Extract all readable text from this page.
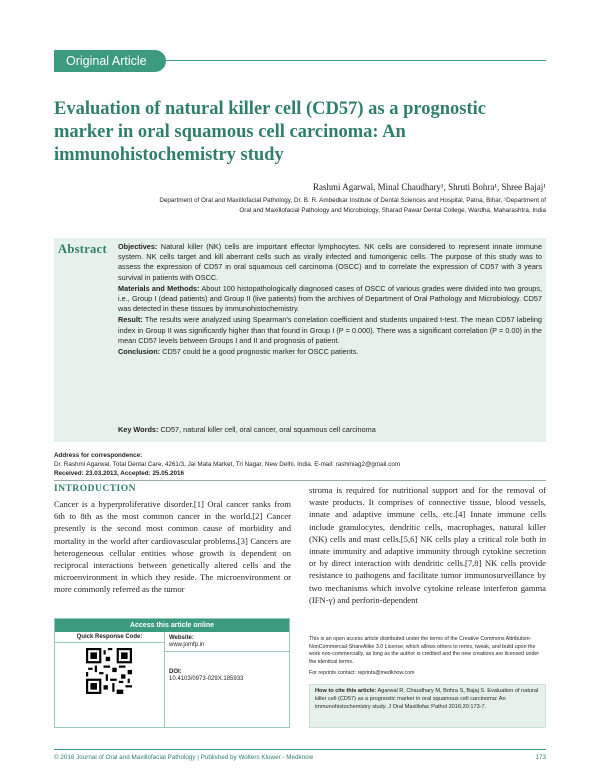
Original Article
Evaluation of natural killer cell (CD57) as a prognostic marker in oral squamous cell carcinoma: An immunohistochemistry study
Rashmi Agarwal, Minal Chaudhary¹, Shruti Bohra¹, Shree Bajaj¹
Department of Oral and Maxillofacial Pathology, Dr. B. R. Ambedkar Institute of Dental Sciences and Hospital, Patna, Bihar, ¹Department of
Oral and Maxillofacial Pathology and Microbiology, Sharad Pawar Dental College, Wardha, Maharashtra, India
Abstract Objectives: Natural killer (NK) cells are important effector lymphocytes. NK cells are considered to represent innate immune system. NK cells target and kill aberrant cells such as virally infected and tumorigenic cells. The purpose of this study was to assess the expression of CD57 in oral squamous cell carcinoma (OSCC) and to correlate the expression of CD57 with 3 years survival in patients with OSCC.

Materials and Methods: About 100 histopathologically diagnosed cases of OSCC of various grades were divided into two groups, i.e., Group I (dead patients) and Group II (live patients) from the archives of Department of Oral Pathology and Microbiology. CD57 was detected in these tissues by immunohistochemistry.

Result: The results were analyzed using Spearman's correlation coefficient and students unpaired t-test. The mean CD57 labeling index in Group II was significantly higher than that found in Group I (P = 0.000). There was a significant correlation (P = 0.00) in the mean CD57 levels between Groups I and II and prognosis of patient.

Conclusion: CD57 could be a good prognostic marker for OSCC patients.

Key Words: CD57, natural killer cell, oral cancer, oral squamous cell carcinoma
Address for correspondence:
Dr. Rashmi Agarwal, Total Dental Care, 4261/3, Jai Mata Market, Tri Nagar, New Delhi, India. E-mail: rashmiag2@gmail.com
Received: 23.03.2013, Accepted: 25.05.2016
INTRODUCTION
Cancer is a hyperproliferative disorder.[1] Oral cancer ranks from 6th to 8th as the most common cancer in the world.[2] Cancer presently is the second most common cause of morbidity and mortality in the world after cardiovascular problems.[3] Cancers are heterogeneous cellular entities whose growth is dependent on reciprocal interactions between genetically altered cells and the microenvironment in which they reside. The microenvironment or more commonly referred as the tumor
stroma is required for nutritional support and for the removal of waste products. It comprises of connective tissue, blood vessels, innate and adaptive immune cells, etc.[4] Innate immune cells include granulocytes, dendritic cells, macrophages, natural killer (NK) cells and mast cells.[5,6] NK cells play a critical role both in innate immunity and adaptive immunity through cytokine secretion or by direct interaction with dendritic cells.[7,8] NK cells provide resistance to pathogens and facilitate tumor immunosurveillance by two mechanisms which involve cytokine release interferon gamma (IFN-γ) and perforin-dependent
Access this article online
Quick Response Code:	Website:
www.jomfp.in
DOI:
10.4103/0973-029X.185933
This is an open access article distributed under the terms of the Creative Commons Attribution-NonCommercial-ShareAlike 3.0 License, which allows others to remix, tweak, and build upon the work non-commercially, as long as the author is credited and the new creations are licensed under the identical terms.
For reprints contact: reprints@medknow.com
How to cite this article: Agarwal R, Chaudhary M, Bohra S, Bajaj S. Evaluation of natural killer cell (CD57) as a prognostic marker in oral squamous cell carcinoma: An immunohistochemistry study. J Oral Maxillofac Pathol 2016;20:173-7.
© 2016 Journal of Oral and Maxillofacial Pathology | Published by Wolters Kluwer - Medknow	173
